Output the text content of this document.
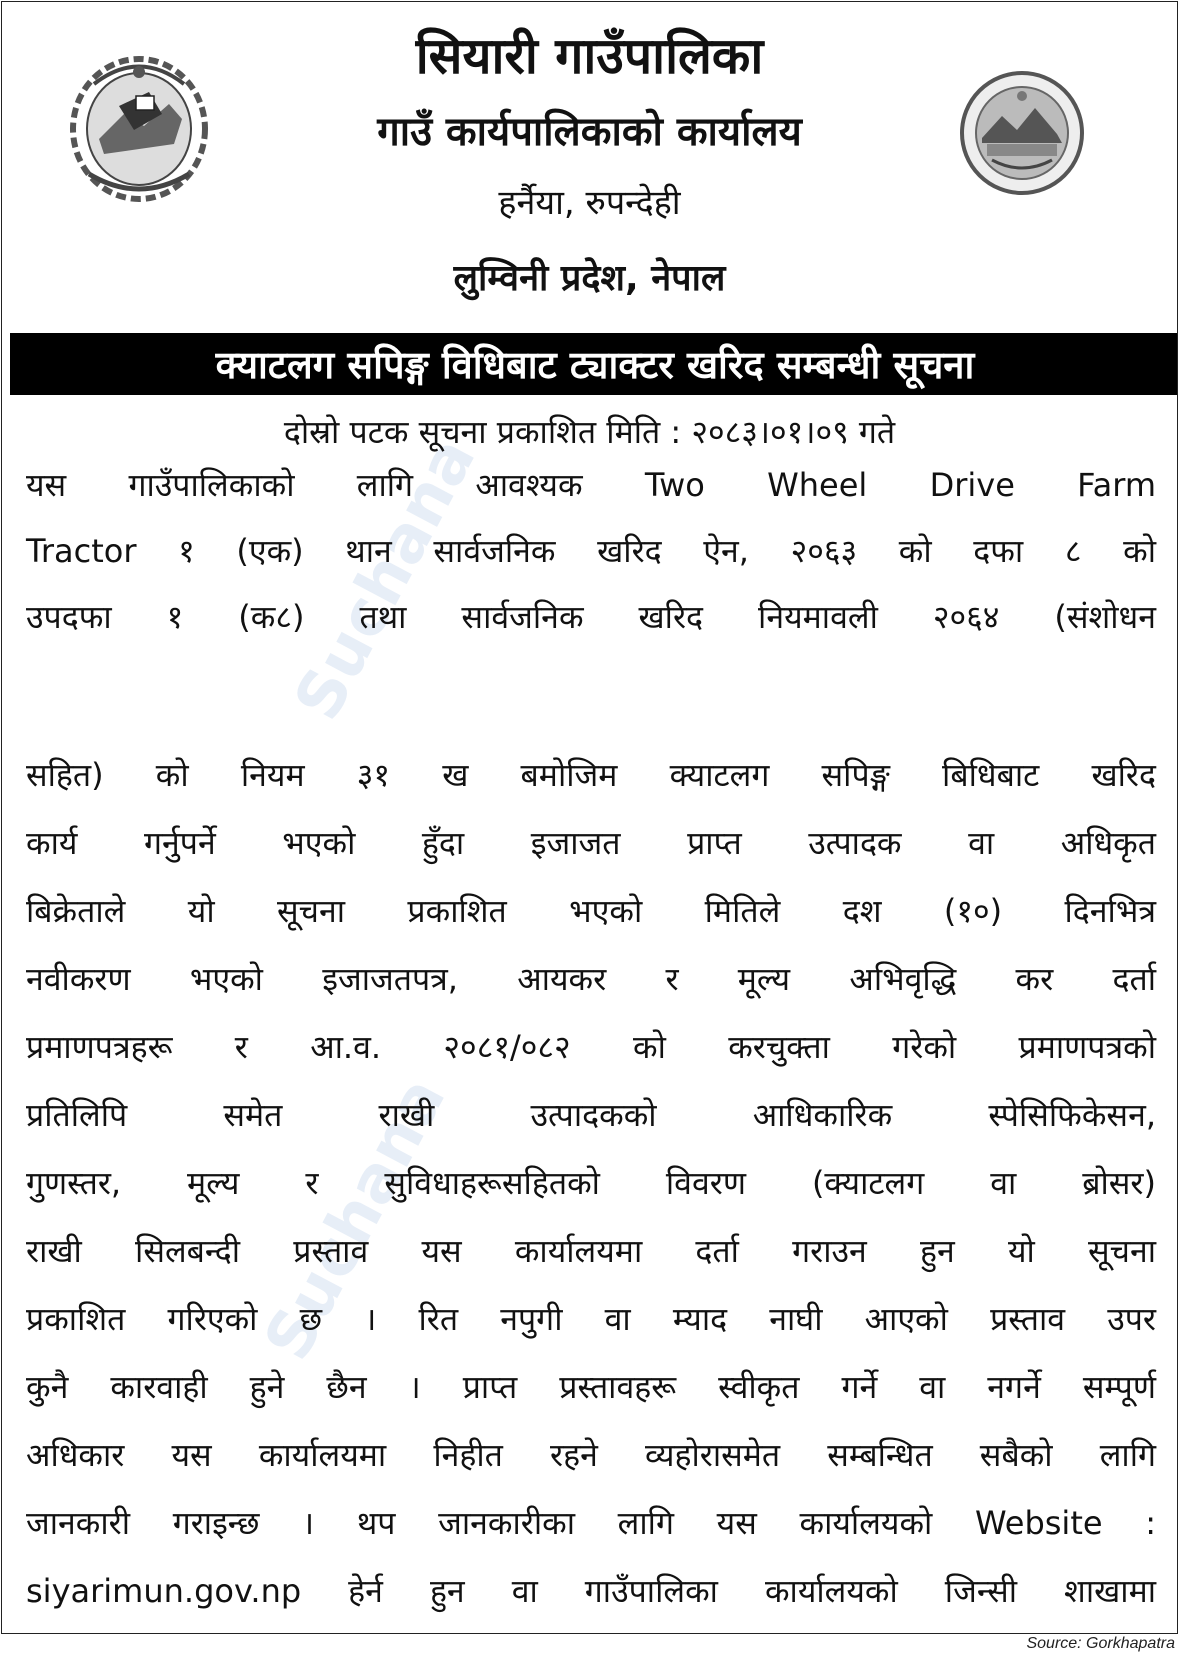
सियारी गाउँपालिका
गाउँ कार्यपालिकाको कार्यालय
हर्नैया, रुपन्देही
लुम्विनी प्रदेश, नेपाल
Suchana
Suchana
क्याटलग सपिङ्ग विधिबाट ट्याक्टर खरिद सम्बन्धी सूचना
दोस्रो पटक सूचना प्रकाशित मिति : २०८३।०१।०९ गते
यस गाउँपालिकाको लागि आवश्यक Two Wheel Drive Farm
Tractor १ (एक) थान सार्वजनिक खरिद ऐन, २०६३ को दफा ८ को
उपदफा १ (क८) तथा सार्वजनिक खरिद नियमावली २०६४ (संशोधन
सहित) को नियम ३१ ख बमोजिम क्याटलग सपिङ्ग बिधिबाट खरिद
कार्य गर्नुपर्ने भएको हुँदा इजाजत प्राप्त उत्पादक वा अधिकृत
बिक्रेताले यो सूचना प्रकाशित भएको मितिले दश (१०) दिनभित्र
नवीकरण भएको इजाजतपत्र, आयकर र मूल्य अभिवृद्धि कर दर्ता
प्रमाणपत्रहरू र आ.व. २०८१/०८२ को करचुक्ता गरेको प्रमाणपत्रको
प्रतिलिपि समेत राखी उत्पादकको आधिकारिक स्पेसिफिकेसन,
गुणस्तर, मूल्य र सुविधाहरूसहितको विवरण (क्याटलग वा ब्रोसर)
राखी सिलबन्दी प्रस्ताव यस कार्यालयमा दर्ता गराउन हुन यो सूचना
प्रकाशित गरिएको छ । रित नपुगी वा म्याद नाघी आएको प्रस्ताव उपर
कुनै कारवाही हुने छैन । प्राप्त प्रस्तावहरू स्वीकृत गर्ने वा नगर्ने सम्पूर्ण
अधिकार यस कार्यालयमा निहीत रहने व्यहोरासमेत सम्बन्धित सबैको लागि
जानकारी गराइन्छ । थप जानकारीका लागि यस कार्यालयको Website :
siyarimun.gov.np हेर्न हुन वा गाउँपालिका कार्यालयको जिन्सी शाखामा
Source: Gorkhapatra
